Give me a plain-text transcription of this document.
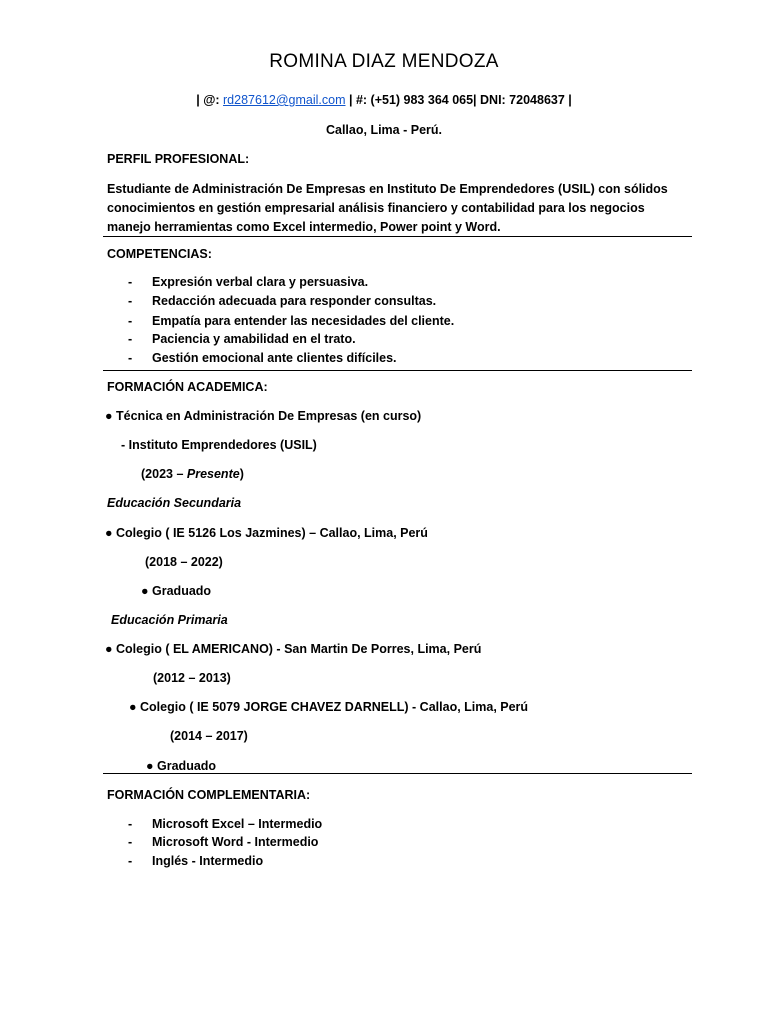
ROMINA DIAZ MENDOZA
| @: rd287612@gmail.com | #: (+51) 983 364 065| DNI: 72048637 |
Callao, Lima - Perú.
PERFIL PROFESIONAL:
Estudiante de Administración De Empresas en Instituto De Emprendedores (USIL) con sólidos
conocimientos en gestión empresarial análisis financiero y contabilidad para los negocios
manejo herramientas como Excel intermedio, Power point y Word.
COMPETENCIAS:
- Expresión verbal clara y persuasiva.
- Redacción adecuada para responder consultas.
- Empatía para entender las necesidades del cliente.
- Paciencia y amabilidad en el trato.
- Gestión emocional ante clientes difíciles.
FORMACIÓN ACADEMICA:
● Técnica en Administración De Empresas (en curso)
- Instituto Emprendedores (USIL)
(2023 – Presente)
Educación Secundaria
● Colegio ( IE 5126 Los Jazmines) – Callao, Lima, Perú
(2018 – 2022)
● Graduado
Educación Primaria
● Colegio ( EL AMERICANO) - San Martin De Porres, Lima, Perú
(2012 – 2013)
● Colegio ( IE 5079 JORGE CHAVEZ DARNELL) - Callao, Lima, Perú
(2014 – 2017)
● Graduado
FORMACIÓN COMPLEMENTARIA:
- Microsoft Excel – Intermedio
- Microsoft Word - Intermedio
- Inglés - Intermedio
